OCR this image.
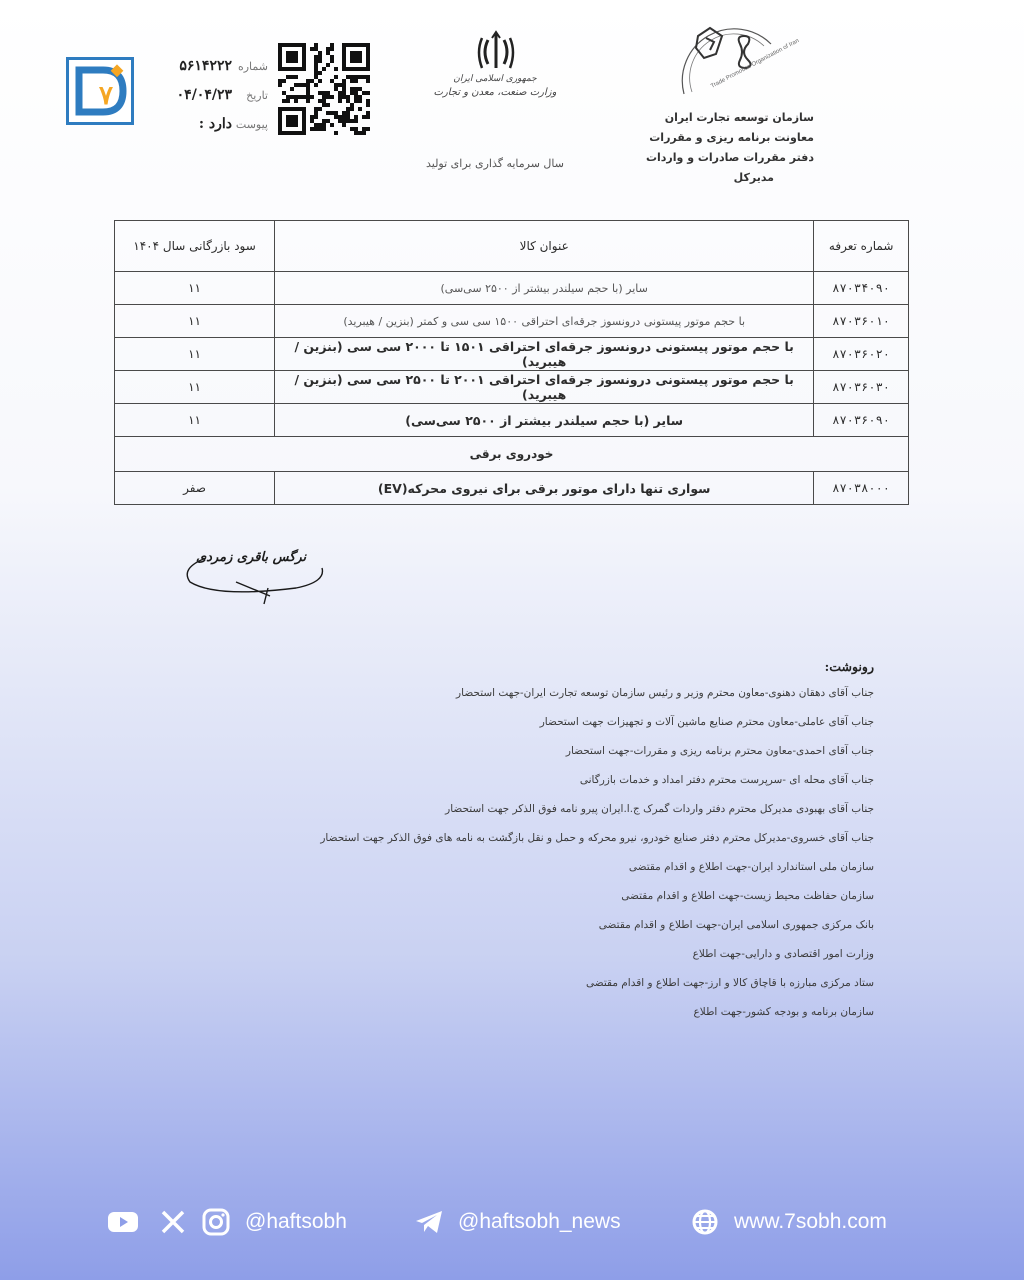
۷
شماره
۵۶۱۴۲۲۲
تاریخ
۰۴/۰۴/۲۳
پیوست
: دارد
جمهوری اسلامی ایران
وزارت صنعت، معدن و تجارت
سال سرمایه گذاری برای تولید
Trade Promotion Organization of Iran
سازمان توسعه تجارت ایران
معاونت برنامه ریزی و مقررات
دفتر مقررات صادرات و واردات
مدیرکل
شماره تعرفه	عنوان کالا	سود بازرگانی سال ۱۴۰۴
۸۷۰۳۴۰۹۰	سایر (با حجم سیلندر بیشتر از ۲۵۰۰ سی‌سی)	۱۱
۸۷۰۳۶۰۱۰	با حجم موتور پیستونی درونسوز جرقه‌ای احتراقی ۱۵۰۰ سی سی و کمتر (بنزین / هیبرید)	۱۱
۸۷۰۳۶۰۲۰	با حجم موتور پیستونی درونسوز جرقه‌ای احتراقی ۱۵۰۱ تا ۲۰۰۰ سی سی (بنزین / هیبرید)	۱۱
۸۷۰۳۶۰۳۰	با حجم موتور پیستونی درونسوز جرقه‌ای احتراقی ۲۰۰۱ تا ۲۵۰۰ سی سی (بنزین / هیبرید)	۱۱
۸۷۰۳۶۰۹۰	سایر (با حجم سیلندر بیشتر از ۲۵۰۰ سی‌سی)	۱۱
خودروی برقی		
۸۷۰۳۸۰۰۰	سواری تنها دارای موتور برقی برای نیروی محرکه(EV)	صفر
نرگس باقری زمردی
رونوشت:
جناب آقای دهقان دهنوی-معاون محترم وزیر و رئیس سازمان توسعه تجارت ایران-جهت استحضار
جناب آقای عاملی-معاون محترم صنایع ماشین آلات و تجهیزات جهت استحضار
جناب آقای احمدی-معاون محترم برنامه ریزی و مقررات-جهت استحضار
جناب آقای محله ای -سرپرست محترم دفتر امداد و خدمات بازرگانی
جناب آقای بهبودی مدیرکل محترم دفتر واردات گمرک ج.ا.ایران پیرو نامه فوق الذکر جهت استحضار
جناب آقای خسروی-مدیرکل محترم دفتر صنایع خودرو، نیرو محرکه و حمل و نقل بازگشت به نامه های فوق الذکر جهت استحضار
سازمان ملی استاندارد ایران-جهت اطلاع و اقدام مقتضی
سازمان حفاظت محیط زیست-جهت اطلاع و اقدام مقتضی
بانک مرکزی جمهوری اسلامی ایران-جهت اطلاع و اقدام مقتضی
وزارت امور اقتصادی و دارایی-جهت اطلاع
ستاد مرکزی مبارزه با قاچاق کالا و ارز-جهت اطلاع و اقدام مقتضی
سازمان برنامه و بودجه کشور-جهت اطلاع
@haftsobh	@haftsobh_news	www.7sobh.com
